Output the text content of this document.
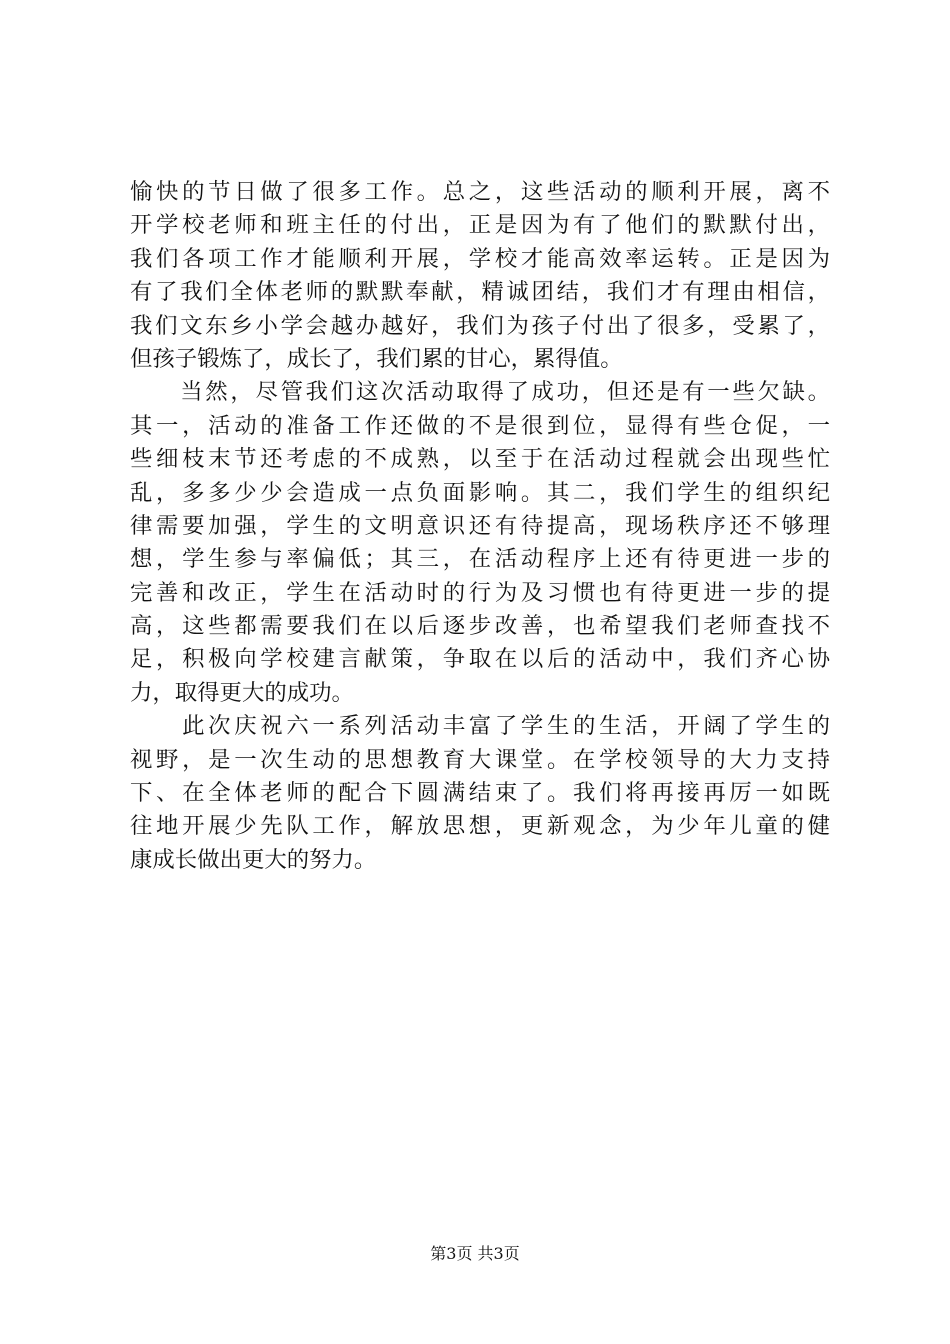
愉快的节日做了很多工作。总之，这些活动的顺利开展，离不
开学校老师和班主任的付出，正是因为有了他们的默默付出，
我们各项工作才能顺利开展，学校才能高效率运转。正是因为
有了我们全体老师的默默奉献，精诚团结，我们才有理由相信，
我们文东乡小学会越办越好，我们为孩子付出了很多，受累了，
但孩子锻炼了，成长了，我们累的甘心，累得值。
　　当然，尽管我们这次活动取得了成功，但还是有一些欠缺。
其一，活动的准备工作还做的不是很到位，显得有些仓促，一
些细枝末节还考虑的不成熟，以至于在活动过程就会出现些忙
乱，多多少少会造成一点负面影响。其二，我们学生的组织纪
律需要加强，学生的文明意识还有待提高，现场秩序还不够理
想，学生参与率偏低；其三，在活动程序上还有待更进一步的
完善和改正，学生在活动时的行为及习惯也有待更进一步的提
高，这些都需要我们在以后逐步改善，也希望我们老师查找不
足，积极向学校建言献策，争取在以后的活动中，我们齐心协
力，取得更大的成功。
　　此次庆祝六一系列活动丰富了学生的生活，开阔了学生的
视野，是一次生动的思想教育大课堂。在学校领导的大力支持
下、在全体老师的配合下圆满结束了。我们将再接再厉一如既
往地开展少先队工作，解放思想，更新观念，为少年儿童的健
康成长做出更大的努力。
第3页 共3页
